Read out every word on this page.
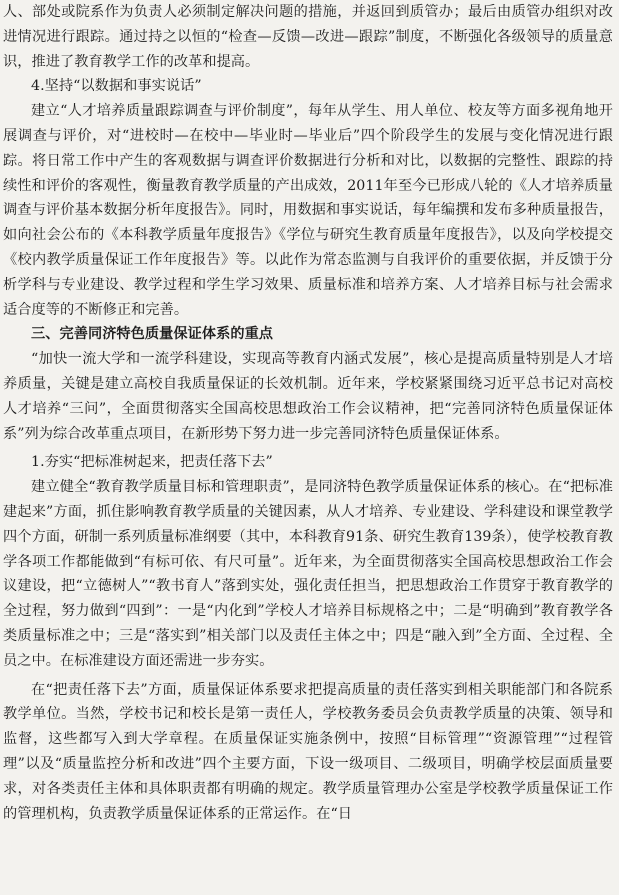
人、部处或院系作为负责人必须制定解决问题的措施，并返回到质管办；最后由质管办组织对改进情况进行跟踪。通过持之以恒的“检查—反馈—改进—跟踪”制度，不断强化各级领导的质量意识，推进了教育教学工作的改革和提高。
4.坚持“以数据和事实说话”
建立“人才培养质量跟踪调查与评价制度”，每年从学生、用人单位、校友等方面多视角地开展调查与评价，对“进校时—在校中—毕业时—毕业后”四个阶段学生的发展与变化情况进行跟踪。将日常工作中产生的客观数据与调查评价数据进行分析和对比，以数据的完整性、跟踪的持续性和评价的客观性，衡量教育教学质量的产出成效，2011年至今已形成八轮的《人才培养质量调查与评价基本数据分析年度报告》。同时，用数据和事实说话，每年编撰和发布多种质量报告，如向社会公布的《本科教学质量年度报告》《学位与研究生教育质量年度报告》，以及向学校提交《校内教学质量保证工作年度报告》等。以此作为常态监测与自我评价的重要依据，并反馈于分析学科与专业建设、教学过程和学生学习效果、质量标准和培养方案、人才培养目标与社会需求适合度等的不断修正和完善。
三、完善同济特色质量保证体系的重点
“加快一流大学和一流学科建设，实现高等教育内涵式发展”，核心是提高质量特别是人才培养质量，关键是建立高校自我质量保证的长效机制。近年来，学校紧紧围绕习近平总书记对高校人才培养“三问”，全面贯彻落实全国高校思想政治工作会议精神，把“完善同济特色质量保证体系”列为综合改革重点项目，在新形势下努力进一步完善同济特色质量保证体系。
1.夯实“把标准树起来，把责任落下去”
建立健全“教育教学质量目标和管理职责”，是同济特色教学质量保证体系的核心。在“把标准建起来”方面，抓住影响教育教学质量的关键因素，从人才培养、专业建设、学科建设和课堂教学四个方面，研制一系列质量标准纲要（其中，本科教育91条、研究生教育139条），使学校教育教学各项工作都能做到“有标可依、有尺可量”。近年来，为全面贯彻落实全国高校思想政治工作会议建设，把“立德树人”“教书育人”落到实处，强化责任担当，把思想政治工作贯穿于教育教学的全过程，努力做到“四到”：一是“内化到”学校人才培养目标规格之中；二是“明确到”教育教学各类质量标准之中；三是“落实到”相关部门以及责任主体之中；四是“融入到”全方面、全过程、全员之中。在标准建设方面还需进一步夯实。
在“把责任落下去”方面，质量保证体系要求把提高质量的责任落实到相关职能部门和各院系教学单位。当然，学校书记和校长是第一责任人，学校教务委员会负责教学质量的决策、领导和监督，这些都写入到大学章程。在质量保证实施条例中，按照“目标管理”“资源管理”“过程管理”以及“质量监控分析和改进”四个主要方面，下设一级项目、二级项目，明确学校层面质量要求，对各类责任主体和具体职责都有明确的规定。教学质量管理办公室是学校教学质量保证工作的管理机构，负责教学质量保证体系的正常运作。在“日
